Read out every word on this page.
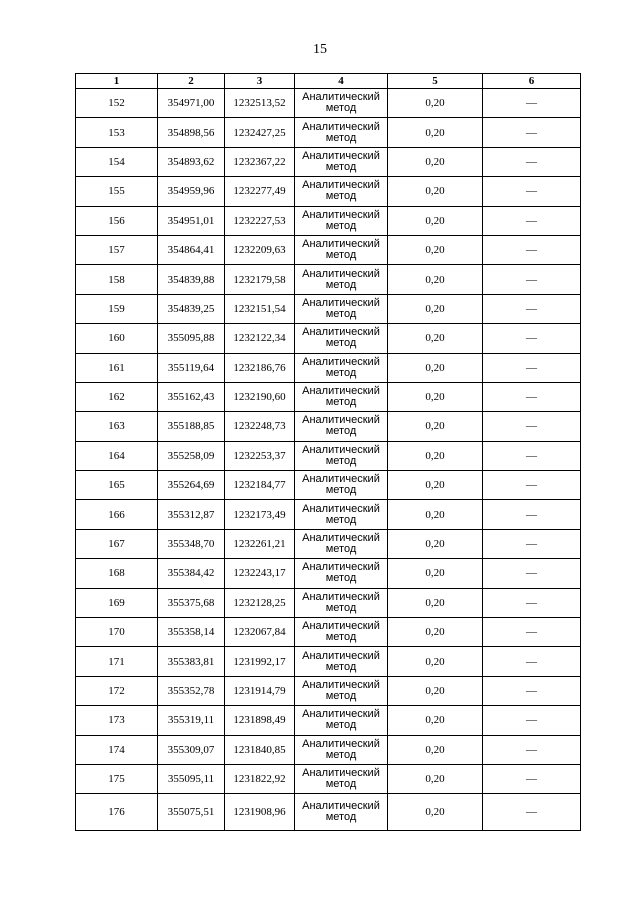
15
1	2	3	4	5	6
152	354971,00	1232513,52	Аналитический метод	0,20	—
153	354898,56	1232427,25	Аналитический метод	0,20	—
154	354893,62	1232367,22	Аналитический метод	0,20	—
155	354959,96	1232277,49	Аналитический метод	0,20	—
156	354951,01	1232227,53	Аналитический метод	0,20	—
157	354864,41	1232209,63	Аналитический метод	0,20	—
158	354839,88	1232179,58	Аналитический метод	0,20	—
159	354839,25	1232151,54	Аналитический метод	0,20	—
160	355095,88	1232122,34	Аналитический метод	0,20	—
161	355119,64	1232186,76	Аналитический метод	0,20	—
162	355162,43	1232190,60	Аналитический метод	0,20	—
163	355188,85	1232248,73	Аналитический метод	0,20	—
164	355258,09	1232253,37	Аналитический метод	0,20	—
165	355264,69	1232184,77	Аналитический метод	0,20	—
166	355312,87	1232173,49	Аналитический метод	0,20	—
167	355348,70	1232261,21	Аналитический метод	0,20	—
168	355384,42	1232243,17	Аналитический метод	0,20	—
169	355375,68	1232128,25	Аналитический метод	0,20	—
170	355358,14	1232067,84	Аналитический метод	0,20	—
171	355383,81	1231992,17	Аналитический метод	0,20	—
172	355352,78	1231914,79	Аналитический метод	0,20	—
173	355319,11	1231898,49	Аналитический метод	0,20	—
174	355309,07	1231840,85	Аналитический метод	0,20	—
175	355095,11	1231822,92	Аналитический метод	0,20	—
176	355075,51	1231908,96	Аналитический метод	0,20	—
